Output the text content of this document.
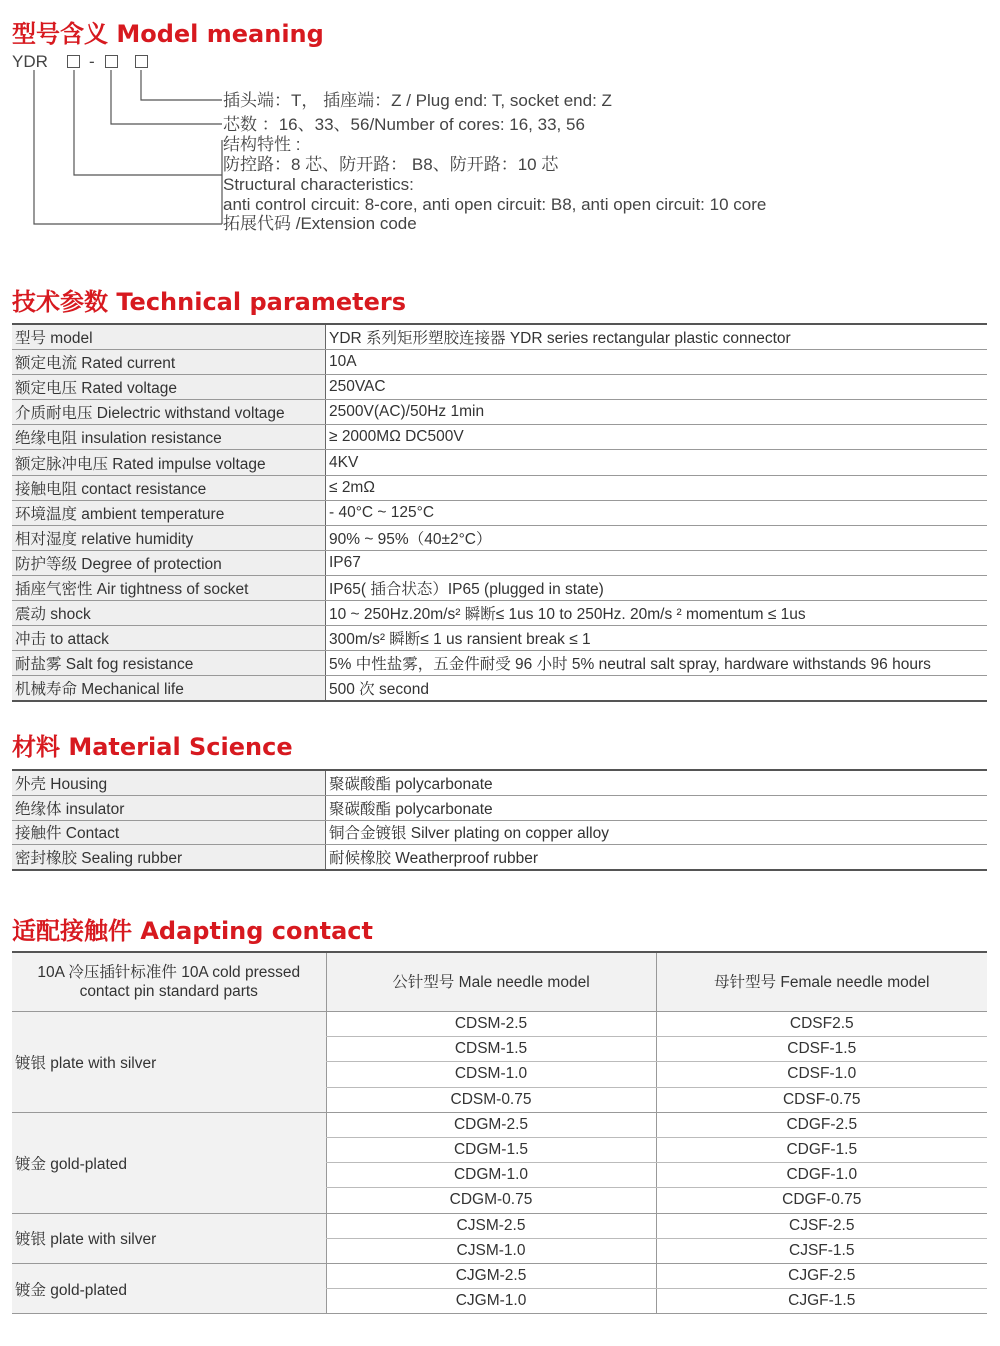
型号含义 Model meaning
YDR -
插头端：T， 插座端：Z / Plug end: T, socket end: Z
芯数 ：16、33、56/Number of cores: 16, 33, 56
结构特性 :
防控路：8 芯、防开路： B8、防开路：10 芯
Structural characteristics:
anti control circuit: 8-core, anti open circuit: B8, anti open circuit: 10 core
拓展代码 /Extension code
技术参数 Technical parameters
型号 model	YDR 系列矩形塑胶连接器 YDR series rectangular plastic connector
额定电流 Rated current	10A
额定电压 Rated voltage	250VAC
介质耐电压 Dielectric withstand voltage	2500V(AC)/50Hz 1min
绝缘电阻 insulation resistance	≥ 2000MΩ DC500V
额定脉冲电压 Rated impulse voltage	4KV
接触电阻 contact resistance	≤ 2mΩ
环境温度 ambient temperature	- 40°C ~ 125°C
相对湿度 relative humidity	90% ~ 95%（40±2°C）
防护等级 Degree of protection	IP67
插座气密性 Air tightness of socket	IP65( 插合状态）IP65 (plugged in state)
震动 shock	10 ~ 250Hz.20m/s² 瞬断≤ 1us 10 to 250Hz. 20m/s ² momentum ≤ 1us
冲击 to attack	300m/s² 瞬断≤ 1 us ransient break ≤ 1
耐盐雾 Salt fog resistance	5% 中性盐雾，五金件耐受 96 小时 5% neutral salt spray, hardware withstands 96 hours
机械寿命 Mechanical life	500 次 second
材料 Material Science
外壳 Housing	聚碳酸酯 polycarbonate
绝缘体 insulator	聚碳酸酯 polycarbonate
接触件 Contact	铜合金镀银 Silver plating on copper alloy
密封橡胶 Sealing rubber	耐候橡胶 Weatherproof rubber
适配接触件 Adapting contact
10A 冷压插针标准件 10A cold pressed contact pin standard parts	公针型号 Male needle model	母针型号 Female needle model
镀银 plate with silver	CDSM-2.5	CDSF2.5
	CDSM-1.5	CDSF-1.5
	CDSM-1.0	CDSF-1.0
	CDSM-0.75	CDSF-0.75
镀金 gold-plated	CDGM-2.5	CDGF-2.5
	CDGM-1.5	CDGF-1.5
	CDGM-1.0	CDGF-1.0
	CDGM-0.75	CDGF-0.75
镀银 plate with silver	CJSM-2.5	CJSF-2.5
	CJSM-1.0	CJSF-1.5
镀金 gold-plated	CJGM-2.5	CJGF-2.5
	CJGM-1.0	CJGF-1.5
